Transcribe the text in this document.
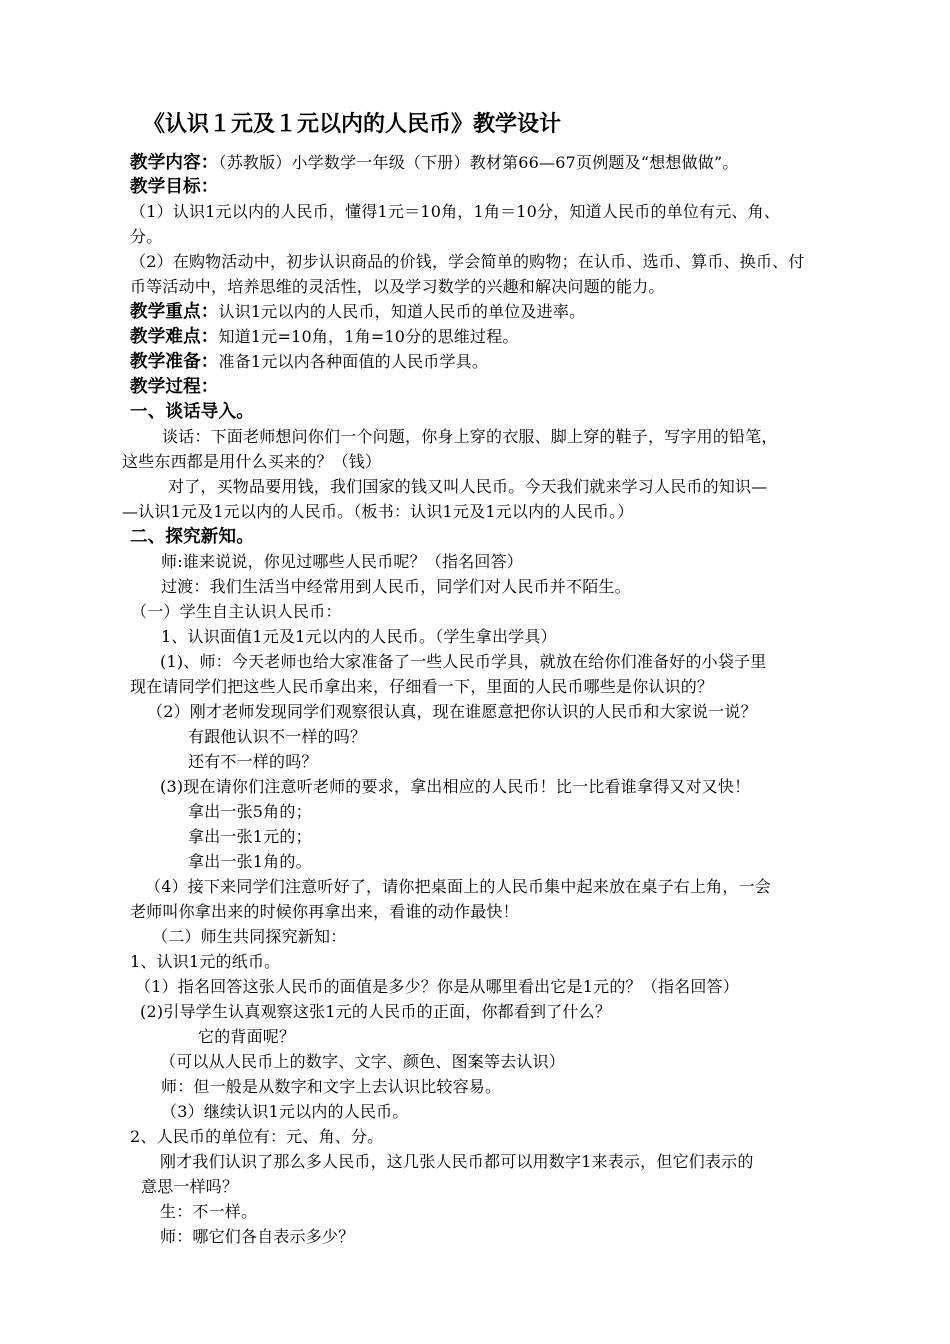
《认识１元及１元以内的人民币》教学设计
教学内容：（苏教版）小学数学一年级（下册）教材第66—67页例题及“想想做做”。
教学目标：
（1）认识1元以内的人民币，懂得1元＝10角，1角＝10分，知道人民币的单位有元、角、
分。
（2）在购物活动中，初步认识商品的价钱，学会简单的购物；在认币、选币、算币、换币、付
币等活动中，培养思维的灵活性，以及学习数学的兴趣和解决问题的能力。
教学重点：认识1元以内的人民币，知道人民币的单位及进率。
教学难点：知道1元=10角，1角=10分的思维过程。
教学准备：准备1元以内各种面值的人民币学具。
教学过程：
一、谈话导入。
谈话：下面老师想问你们一个问题，你身上穿的衣服、脚上穿的鞋子，写字用的铅笔，
这些东西都是用什么买来的？（钱）
对了，买物品要用钱，我们国家的钱又叫人民币。今天我们就来学习人民币的知识—
—认识1元及1元以内的人民币。（板书：认识1元及1元以内的人民币。）
二、探究新知。
师:谁来说说，你见过哪些人民币呢？（指名回答）
过渡：我们生活当中经常用到人民币，同学们对人民币并不陌生。
（一）学生自主认识人民币：
1、认识面值1元及1元以内的人民币。（学生拿出学具）
(1)、师：今天老师也给大家准备了一些人民币学具，就放在给你们准备好的小袋子里
现在请同学们把这些人民币拿出来，仔细看一下，里面的人民币哪些是你认识的？
（2）刚才老师发现同学们观察很认真，现在谁愿意把你认识的人民币和大家说一说？
有跟他认识不一样的吗？
还有不一样的吗？
(3)现在请你们注意听老师的要求，拿出相应的人民币！比一比看谁拿得又对又快！
拿出一张5角的；
拿出一张1元的；
拿出一张1角的。
（4）接下来同学们注意听好了，请你把桌面上的人民币集中起来放在桌子右上角，一会
老师叫你拿出来的时候你再拿出来，看谁的动作最快！
（二）师生共同探究新知：
1、认识1元的纸币。
（1）指名回答这张人民币的面值是多少？你是从哪里看出它是1元的？（指名回答）
(2)引导学生认真观察这张1元的人民币的正面，你都看到了什么？
它的背面呢？
（可以从人民币上的数字、文字、颜色、图案等去认识）
师：但一般是从数字和文字上去认识比较容易。
（3）继续认识1元以内的人民币。
2、人民币的单位有：元、角、分。
刚才我们认识了那么多人民币，这几张人民币都可以用数字1来表示，但它们表示的
意思一样吗？
生：不一样。
师：哪它们各自表示多少？
